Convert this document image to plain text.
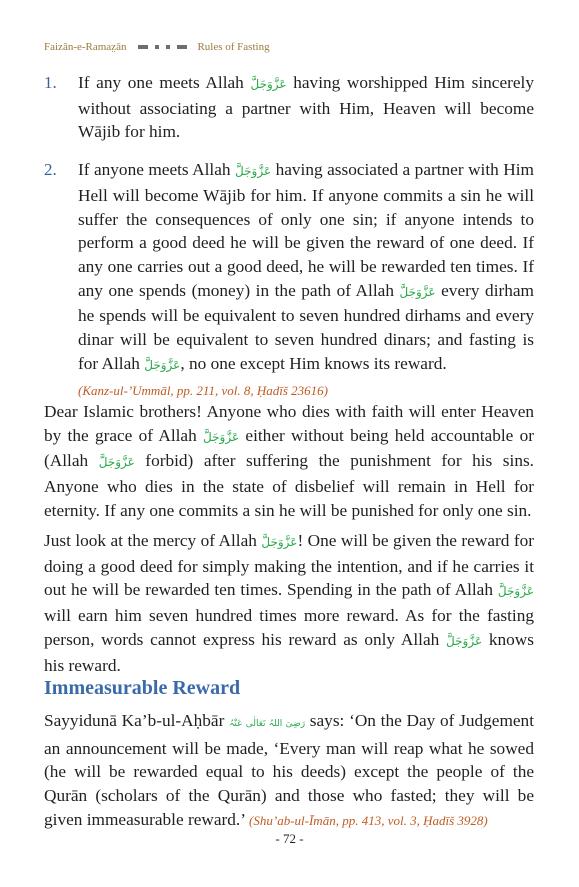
Faizān-e-Ramaz̤ān	Rules of Fasting
1. If any one meets Allah عَزَّوَجَلَّ having worshipped Him sincerely without associating a partner with Him, Heaven will become Wājib for him.
2. If anyone meets Allah عَزَّوَجَلَّ having associated a partner with Him Hell will become Wājib for him. If anyone commits a sin he will suffer the consequences of only one sin; if anyone intends to perform a good deed he will be given the reward of one deed. If any one carries out a good deed, he will be rewarded ten times. If any one spends (money) in the path of Allah عَزَّوَجَلَّ every dirham he spends will be equivalent to seven hundred dirhams and every dinar will be equivalent to seven hundred dinars; and fasting is for Allah عَزَّوَجَلَّ, no one except Him knows its reward.
(Kanz-ul-’Ummāl, pp. 211, vol. 8, Ḥadīš 23616)
Dear Islamic brothers! Anyone who dies with faith will enter Heaven by the grace of Allah عَزَّوَجَلَّ either without being held accountable or (Allah عَزَّوَجَلَّ forbid) after suffering the punishment for his sins. Anyone who dies in the state of disbelief will remain in Hell for eternity. If any one commits a sin he will be punished for only one sin.
Just look at the mercy of Allah عَزَّوَجَلَّ! One will be given the reward for doing a good deed for simply making the intention, and if he carries it out he will be rewarded ten times. Spending in the path of Allah عَزَّوَجَلَّ will earn him seven hundred times more reward. As for the fasting person, words cannot express his reward as only Allah عَزَّوَجَلَّ knows his reward.
Immeasurable Reward
Sayyidunā Ka’b-ul-Aḥbār رَضِیَ اللہُ تَعَالٰی عَنْہُ says: ‘On the Day of Judgement an announcement will be made, ‘Every man will reap what he sowed (he will be rewarded equal to his deeds) except the people of the Qurān (scholars of the Qurān) and those who fasted; they will be given immeasurable reward.’ (Shu’ab-ul-Īmān, pp. 413, vol. 3, Ḥadīš 3928)
- 72 -
